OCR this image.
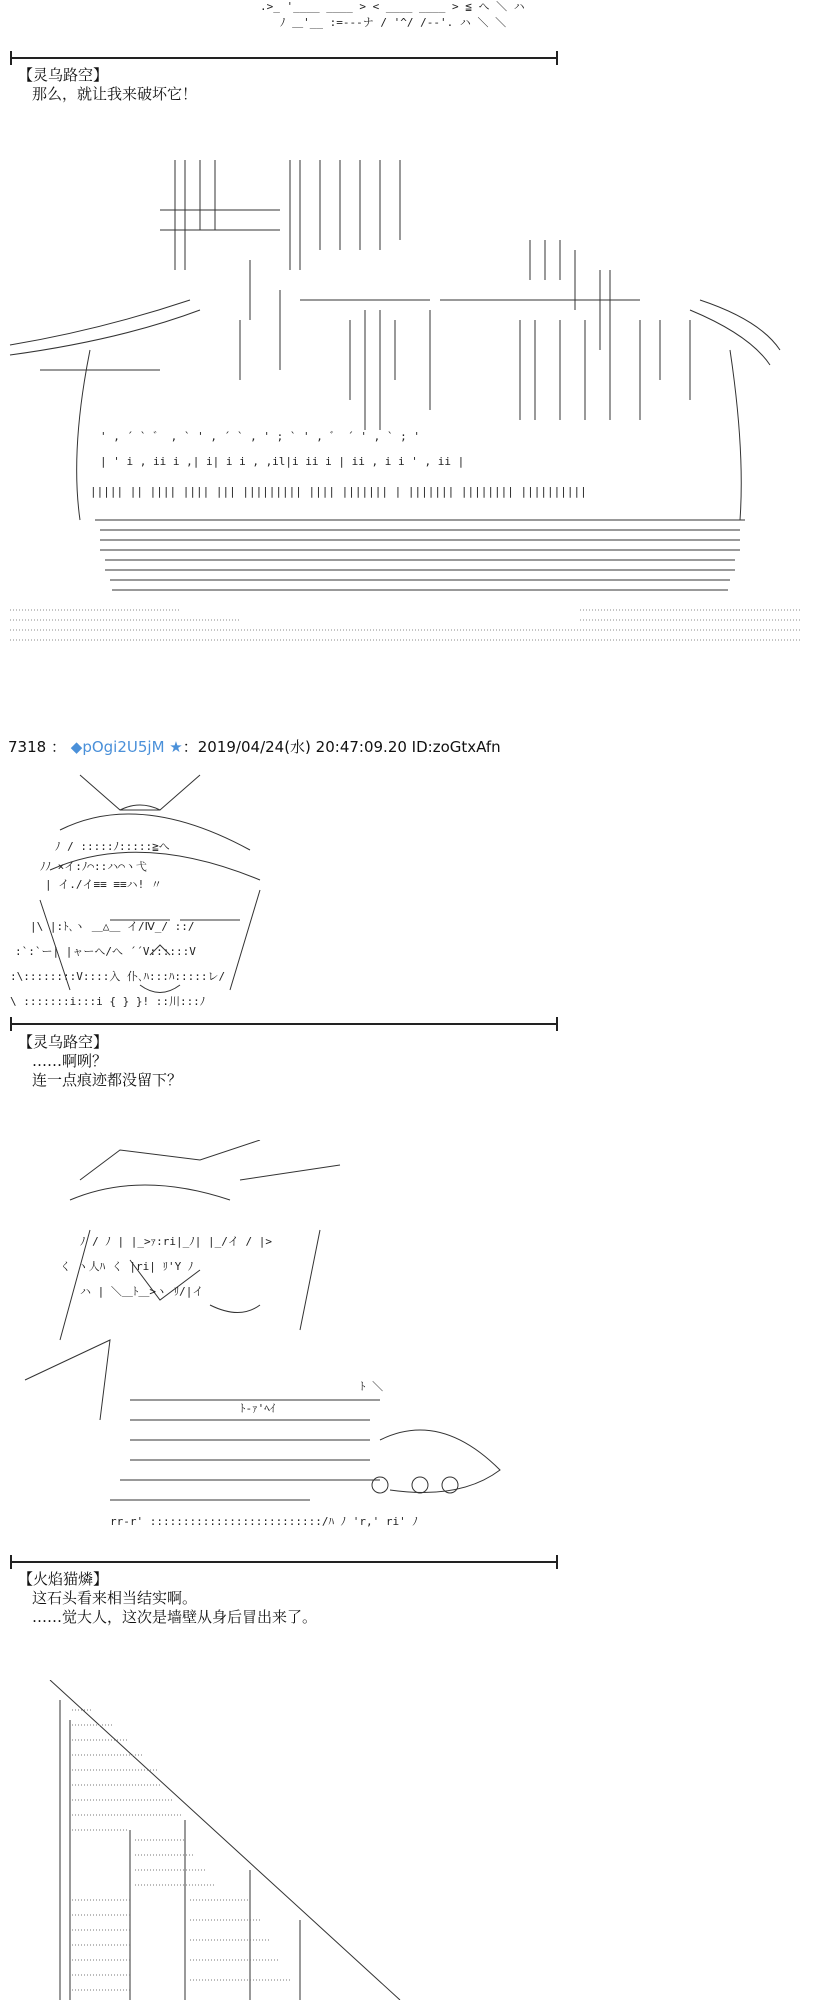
.>_ '____ ____ > < ____ ____ > ≦ へ ＼ ハ
ﾉ ＿'__ :=---ナ / '^/ /--'. ハ ＼ ＼
【灵乌路空】
那么，就让我来破坏它！
' , ´ ` ゛ , ` ' , ´ ` , ' ; ` ' , ゛ ´ ' , ` ; '
| ' i , ii i ,| i| i i , ,il|i ii i | ii , i i ' , ii |
||||| || |||| |||| ||| ||||||||| |||| ||||||| | ||||||| |||||||| ||||||||||
7318 ： ◆pOgi2U5jM ★：2019/04/24(水) 20:47:09.20 ID:zoGtxAfn
ﾉ / :::::ﾉ:::::≧へ
ﾉﾉ ×イ:ﾉ⌒::ハ⌒ヽ弋
| イ./イ≡≡ ≡≡ハ! 〃
|\ |:ﾄ､ヽ ＿△＿ イ/Ⅳ_/ ::/
:`:`ー| |ャーへ/へ ´´V::::::V
:\::::::::V::::入 仆､ﾊ:::ﾊ:::::レ/
\ :::::::i:::i { } }! ::川:::ﾉ
【灵乌路空】
……啊咧？
连一点痕迹都没留下？
ﾉ / ﾉ | |_>ｧ:ri|_ﾉ| |_/イ / |>
く ヽ人ﾊ く |ri| ﾘ'Y ﾉ
ハ | ＼＿ﾄ＿>ヽ ﾘ/|イ
ﾄ ＼
ﾄ-ｧ'ﾍｲ
rr-r' ::::::::::::::::::::::::::/ﾊ ﾉ 'r,' ri' ﾉ
【火焰猫燐】
这石头看来相当结实啊。
……觉大人，这次是墙壁从身后冒出来了。
